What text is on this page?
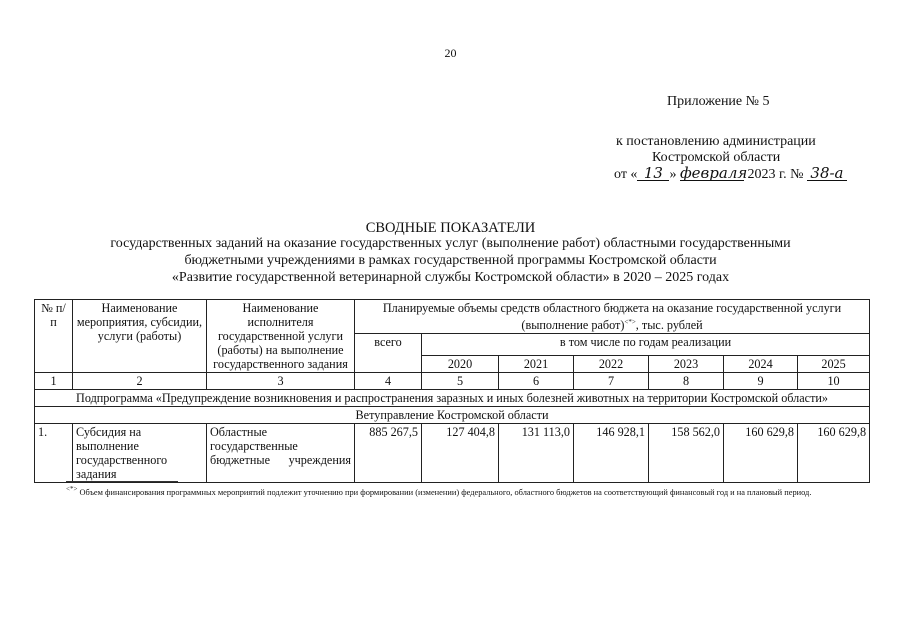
20
Приложение № 5
к постановлению администрации
Костромской области
от « 13 » февраля 2023 г. № 38-а
СВОДНЫЕ ПОКАЗАТЕЛИ
государственных заданий на оказание государственных услуг (выполнение работ) областными государственными
бюджетными учреждениями в рамках государственной программы Костромской области
«Развитие государственной ветеринарной службы Костромской области» в 2020 – 2025 годах
№ п/п	Наименование мероприятия, субсидии, услуги (работы)	Наименование исполнителя государственной услуги (работы) на выполнение государственного задания	Планируемые объемы средств областного бюджета на оказание государственной услуги (выполнение работ)<*>, тыс. рублей						
			всего	в том числе по годам реализации					
				2020	2021	2022	2023	2024	2025
1	2	3	4	5	6	7	8	9	10
Подпрограмма «Предупреждение возникновения и распространения заразных и иных болезней животных на территории Костромской области»									
Ветуправление Костромской области									
1.	Субсидия на выполнение государственного задания	Областные государственные бюджетные учреждения	885 267,5	127 404,8	131 113,0	146 928,1	158 562,0	160 629,8	160 629,8
<*> Объем финансирования программных мероприятий подлежит уточнению при формировании (изменении) федерального, областного бюджетов на соответствующий финансовый год и на плановый период.
